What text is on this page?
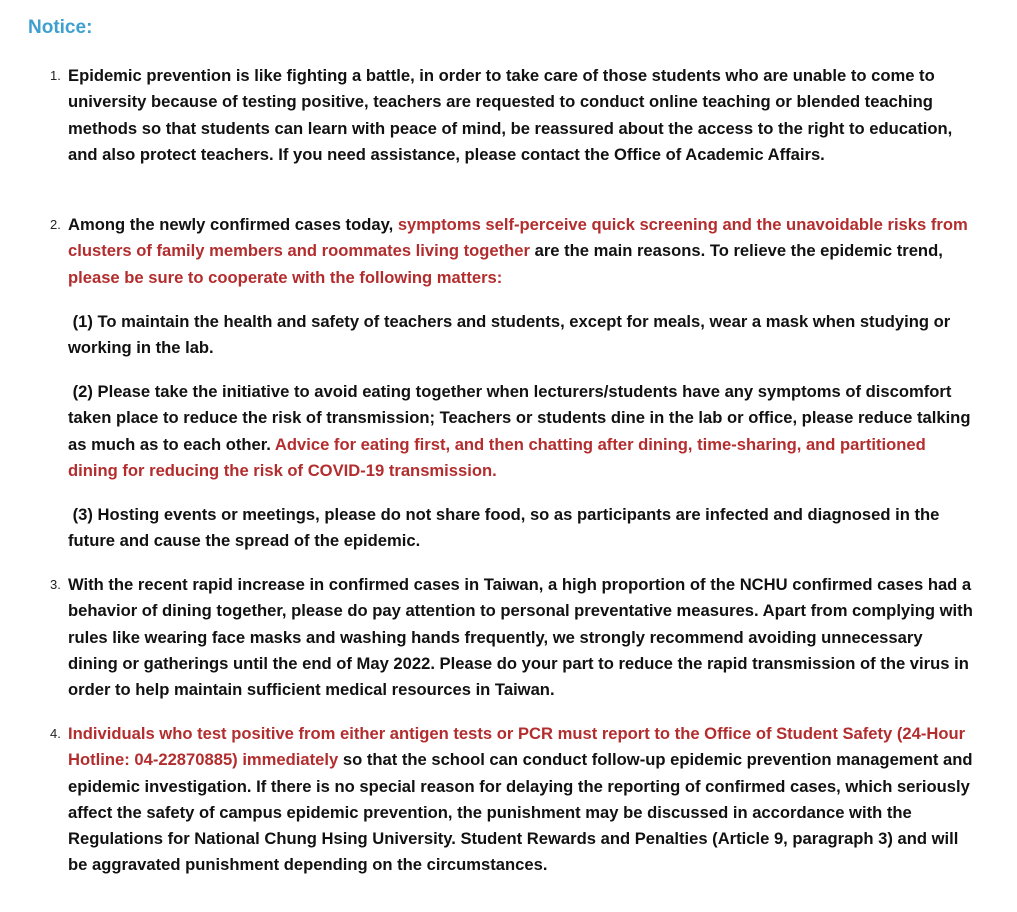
Notice:
1. Epidemic prevention is like fighting a battle, in order to take care of those students who are unable to come to university because of testing positive, teachers are requested to conduct online teaching or blended teaching methods so that students can learn with peace of mind, be reassured about the access to the right to education, and also protect teachers. If you need assistance, please contact the Office of Academic Affairs.

2. Among the newly confirmed cases today, symptoms self-perceive quick screening and the unavoidable risks from clusters of family members and roommates living together are the main reasons. To relieve the epidemic trend, please be sure to cooperate with the following matters:

(1) To maintain the health and safety of teachers and students, except for meals, wear a mask when studying or working in the lab.

(2) Please take the initiative to avoid eating together when lecturers/students have any symptoms of discomfort taken place to reduce the risk of transmission; Teachers or students dine in the lab or office, please reduce talking as much as to each other. Advice for eating first, and then chatting after dining, time-sharing, and partitioned dining for reducing the risk of COVID-19 transmission.

(3) Hosting events or meetings, please do not share food, so as participants are infected and diagnosed in the future and cause the spread of the epidemic.

3. With the recent rapid increase in confirmed cases in Taiwan, a high proportion of the NCHU confirmed cases had a behavior of dining together, please do pay attention to personal preventative measures. Apart from complying with rules like wearing face masks and washing hands frequently, we strongly recommend avoiding unnecessary dining or gatherings until the end of May 2022. Please do your part to reduce the rapid transmission of the virus in order to help maintain sufficient medical resources in Taiwan.

4. Individuals who test positive from either antigen tests or PCR must report to the Office of Student Safety (24-Hour Hotline: 04-22870885) immediately so that the school can conduct follow-up epidemic prevention management and epidemic investigation. If there is no special reason for delaying the reporting of confirmed cases, which seriously affect the safety of campus epidemic prevention, the punishment may be discussed in accordance with the Regulations for National Chung Hsing University. Student Rewards and Penalties (Article 9, paragraph 3) and will be aggravated punishment depending on the circumstances.
